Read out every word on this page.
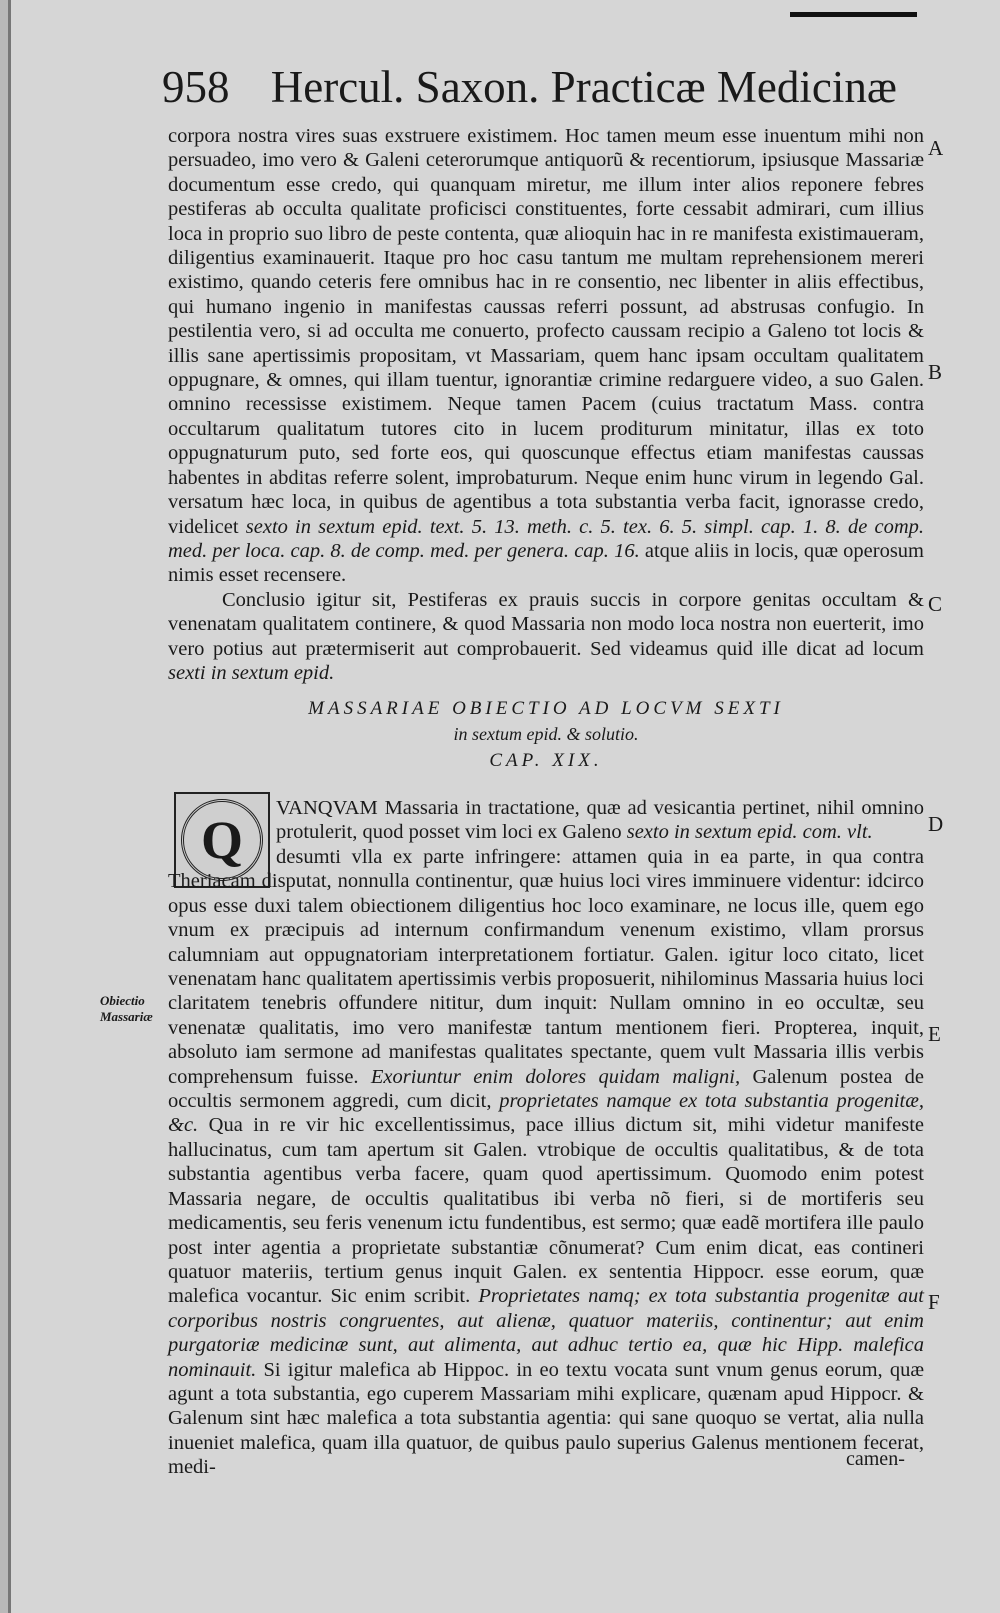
958 Hercul. Saxon. Practicæ Medicinæ

corpora nostra vires suas exstruere existimem. Hoc tamen meum esse inuentum mihi non persuadeo, imo vero & Galeni ceterorumque antiquorũ & recentiorum, ipsiusque Massariæ documentum esse credo, qui quanquam miretur, me illum inter alios reponere febres pestiferas ab occulta qualitate proficisci constituentes, forte cessabit admirari, cum illius loca in proprio suo libro de peste contenta, quæ alioquin hac in re manifesta existimaueram, diligentius examinauerit. Itaque pro hoc casu tantum me multam reprehensionem mereri existimo, quando ceteris fere omnibus hac in re consentio, nec libenter in aliis effectibus, qui humano ingenio in manifestas caussas referri possunt, ad abstrusas confugio. In pestilentia vero, si ad occulta me conuerto, profecto caussam recipio a Galeno tot locis & illis sane apertissimis propositam, vt Massariam, quem hanc ipsam occultam qualitatem oppugnare, & omnes, qui illam tuentur, ignorantiæ crimine redarguere video, a suo Galen. omnino recessisse existimem. Neque tamen Pacem (cuius tractatum Mass. contra occultarum qualitatum tutores cito in lucem proditurum minitatur, illas ex toto oppugnaturum puto, sed forte eos, qui quoscunque effectus etiam manifestas caussas habentes in abditas referre solent, improbaturum. Neque enim hunc virum in legendo Gal. versatum hæc loca, in quibus de agentibus a tota substantia verba facit, ignorasse credo, videlicet sexto in sextum epid. text. 5. 13. meth. c. 5. tex. 6. 5. simpl. cap. 1. 8. de comp. med. per loca. cap. 8. de comp. med. per genera. cap. 16. atque aliis in locis, quæ operosum nimis esset recensere.

Conclusio igitur sit, Pestiferas ex prauis succis in corpore genitas occultam & venenatam qualitatem continere, & quod Massaria non modo loca nostra non euerterit, imo vero potius aut prætermiserit aut comprobauerit. Sed videamus quid ille dicat ad locum sexti in sextum epid.

A
B
C
D
E
F
Obiectio Massariæ
MASSARIAE OBIECTIO AD LOCVM SEXTI
in sextum epid. & solutio.
CAP. XIX.
Q
VANQVAM Massaria in tractatione, quæ ad vesicantia pertinet, nihil omnino protulerit, quod posset vim loci ex Galeno sexto in sextum epid. com. vlt.

desumti vlla ex parte infringere: attamen quia in ea parte, in qua contra Theriacam disputat, nonnulla continentur, quæ huius loci vires imminuere videntur: idcirco opus esse duxi talem obiectionem diligentius hoc loco examinare, ne locus ille, quem ego vnum ex præcipuis ad internum confirmandum venenum existimo, vllam prorsus calumniam aut oppugnatoriam interpretationem fortiatur. Galen. igitur loco citato, licet venenatam hanc qualitatem apertissimis verbis proposuerit, nihilominus Massaria huius loci claritatem tenebris offundere nititur, dum inquit: Nullam omnino in eo occultæ, seu venenatæ qualitatis, imo vero manifestæ tantum mentionem fieri. Propterea, inquit, absoluto iam sermone ad manifestas qualitates spectante, quem vult Massaria illis verbis comprehensum fuisse. Exoriuntur enim dolores quidam maligni, Galenum postea de occultis sermonem aggredi, cum dicit, proprietates namque ex tota substantia progenitæ, &c. Qua in re vir hic excellentissimus, pace illius dictum sit, mihi videtur manifeste hallucinatus, cum tam apertum sit Galen. vtrobique de occultis qualitatibus, & de tota substantia agentibus verba facere, quam quod apertissimum. Quomodo enim potest Massaria negare, de occultis qualitatibus ibi verba nõ fieri, si de mortiferis seu medicamentis, seu feris venenum ictu fundentibus, est sermo; quæ eadẽ mortifera ille paulo post inter agentia a proprietate substantiæ cõnumerat? Cum enim dicat, eas contineri quatuor materiis, tertium genus inquit Galen. ex sententia Hippocr. esse eorum, quæ malefica vocantur. Sic enim scribit. Proprietates namq; ex tota substantia progenitæ aut corporibus nostris congruentes, aut alienæ, quatuor materiis, continentur; aut enim purgatoriæ medicinæ sunt, aut alimenta, aut adhuc tertio ea, quæ hic Hipp. malefica nominauit. Si igitur malefica ab Hippoc. in eo textu vocata sunt vnum genus eorum, quæ agunt a tota substantia, ego cuperem Massariam mihi explicare, quænam apud Hippocr. & Galenum sint hæc malefica a tota substantia agentia: qui sane quoquo se vertat, alia nulla inueniet malefica, quam illa quatuor, de quibus paulo superius Galenus mentionem fecerat, medi-	camen-
